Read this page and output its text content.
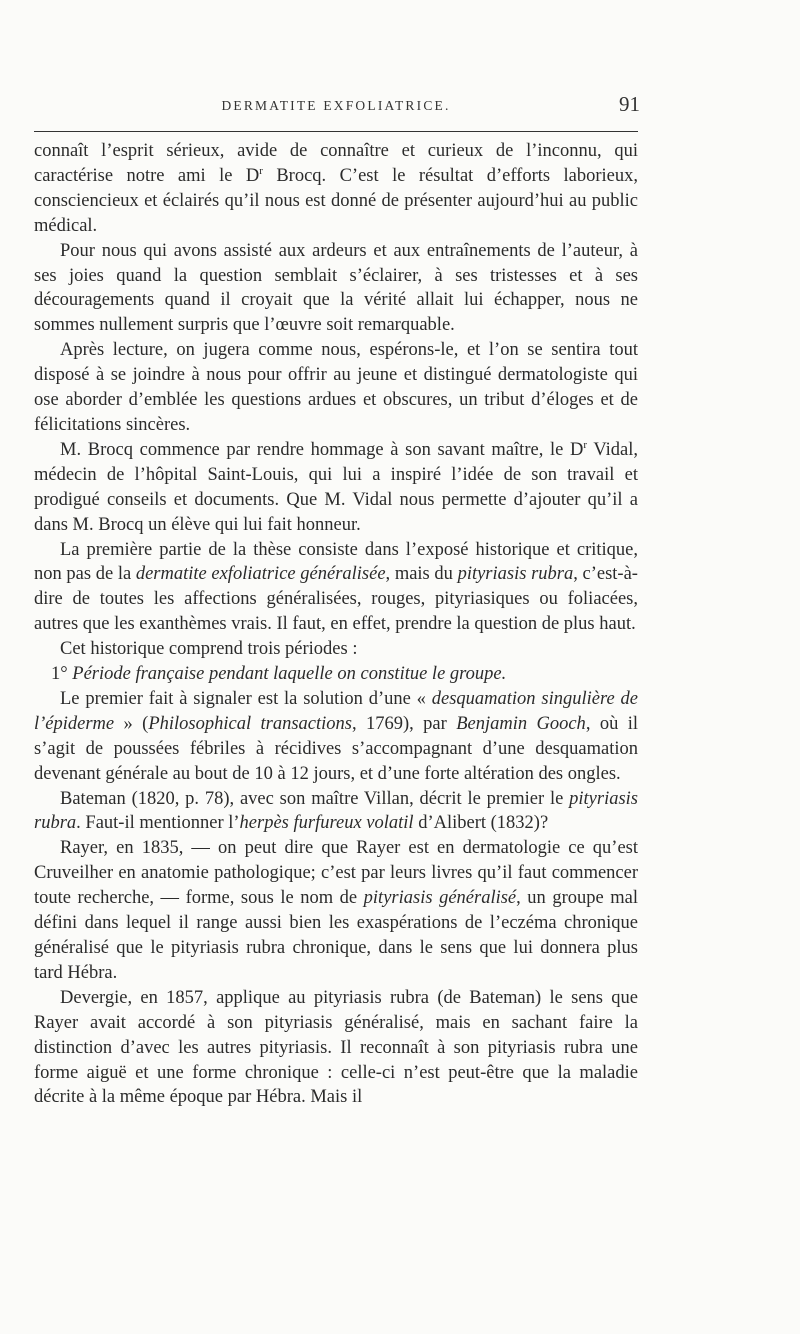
DERMATITE EXFOLIATRICE.	91

connaît l’esprit sérieux, avide de connaître et curieux de l’inconnu, qui caractérise notre ami le $D^r$ Brocq. C’est le résultat d’efforts laborieux, consciencieux et éclairés qu’il nous est donné de présenter aujourd’hui au public médical.

Pour nous qui avons assisté aux ardeurs et aux entraînements de l’auteur, à ses joies quand la question semblait s’éclairer, à ses tristesses et à ses découragements quand il croyait que la vérité allait lui échapper, nous ne sommes nullement surpris que l’œuvre soit remarquable.

Après lecture, on jugera comme nous, espérons-le, et l’on se sentira tout disposé à se joindre à nous pour offrir au jeune et distingué dermatologiste qui ose aborder d’emblée les questions ardues et obscures, un tribut d’éloges et de félicitations sincères.

M. Brocq commence par rendre hommage à son savant maître, le $D^r$ Vidal, médecin de l’hôpital Saint-Louis, qui lui a inspiré l’idée de son travail et prodigué conseils et documents. Que M. Vidal nous permette d’ajouter qu’il a dans M. Brocq un élève qui lui fait honneur.

La première partie de la thèse consiste dans l’exposé historique et critique, non pas de la dermatite exfoliatrice généralisée, mais du pityriasis rubra, c’est-à-dire de toutes les affections généralisées, rouges, pityriasiques ou foliacées, autres que les exanthèmes vrais. Il faut, en effet, prendre la question de plus haut.

Cet historique comprend trois périodes :

1° Période française pendant laquelle on constitue le groupe.

Le premier fait à signaler est la solution d’une « desquamation singulière de l’épiderme » (Philosophical transactions, 1769), par Benjamin Gooch, où il s’agit de poussées fébriles à récidives s’accompagnant d’une desquamation devenant générale au bout de 10 à 12 jours, et d’une forte altération des ongles.

Bateman (1820, p. 78), avec son maître Villan, décrit le premier le pityriasis rubra. Faut-il mentionner l’herpès furfureux volatil d’Alibert (1832)?

Rayer, en 1835, — on peut dire que Rayer est en dermatologie ce qu’est Cruveilher en anatomie pathologique; c’est par leurs livres qu’il faut commencer toute recherche, — forme, sous le nom de pityriasis généralisé, un groupe mal défini dans lequel il range aussi bien les exaspérations de l’eczéma chronique généralisé que le pityriasis rubra chronique, dans le sens que lui donnera plus tard Hébra.

Devergie, en 1857, applique au pityriasis rubra (de Bateman) le sens que Rayer avait accordé à son pityriasis généralisé, mais en sachant faire la distinction d’avec les autres pityriasis. Il reconnaît à son pityriasis rubra une forme aiguë et une forme chronique : celle-ci n’est peut-être que la maladie décrite à la même époque par Hébra. Mais il
